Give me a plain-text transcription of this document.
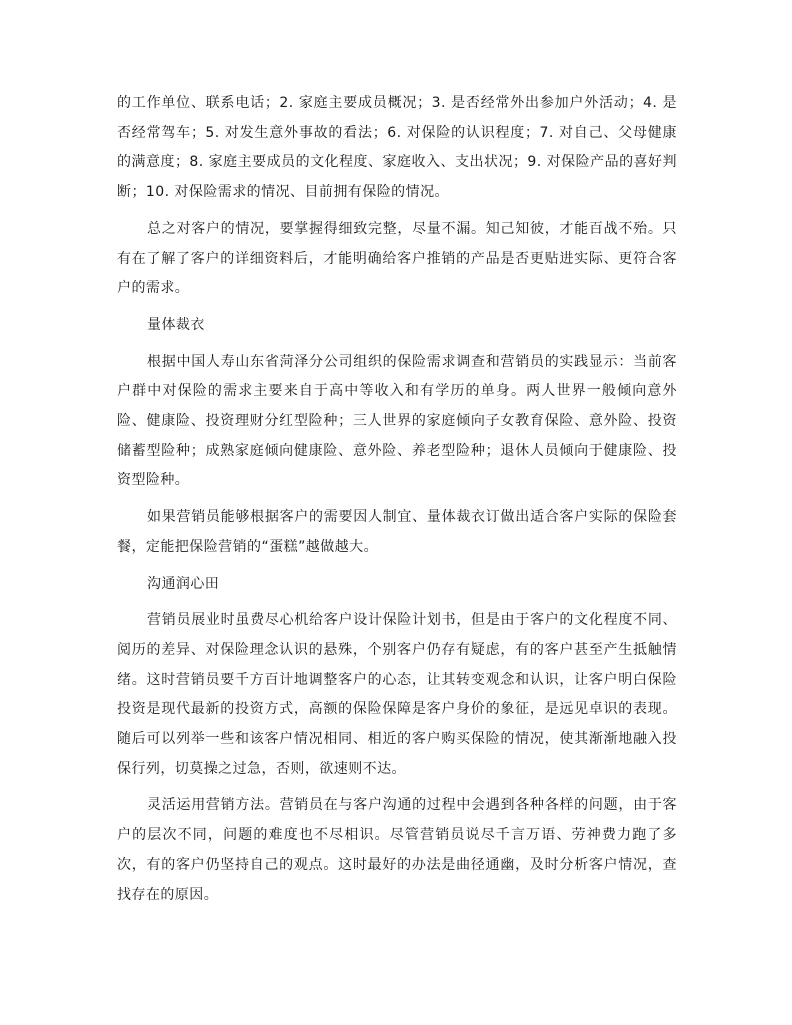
的工作单位、联系电话；2. 家庭主要成员概况；3. 是否经常外出参加户外活动；4. 是否经常驾车；5. 对发生意外事故的看法；6. 对保险的认识程度；7. 对自己、父母健康的满意度；8. 家庭主要成员的文化程度、家庭收入、支出状况；9. 对保险产品的喜好判断；10. 对保险需求的情况、目前拥有保险的情况。

总之对客户的情况，要掌握得细致完整，尽量不漏。知己知彼，才能百战不殆。只有在了解了客户的详细资料后，才能明确给客户推销的产品是否更贴进实际、更符合客户的需求。

量体裁衣

根据中国人寿山东省菏泽分公司组织的保险需求调查和营销员的实践显示：当前客户群中对保险的需求主要来自于高中等收入和有学历的单身。两人世界一般倾向意外险、健康险、投资理财分红型险种；三人世界的家庭倾向子女教育保险、意外险、投资储蓄型险种；成熟家庭倾向健康险、意外险、养老型险种；退休人员倾向于健康险、投资型险种。

如果营销员能够根据客户的需要因人制宜、量体裁衣订做出适合客户实际的保险套餐，定能把保险营销的“蛋糕”越做越大。

沟通润心田

营销员展业时虽费尽心机给客户设计保险计划书，但是由于客户的文化程度不同、阅历的差异、对保险理念认识的悬殊，个别客户仍存有疑虑，有的客户甚至产生抵触情绪。这时营销员要千方百计地调整客户的心态，让其转变观念和认识，让客户明白保险投资是现代最新的投资方式，高额的保险保障是客户身价的象征，是远见卓识的表现。随后可以列举一些和该客户情况相同、相近的客户购买保险的情况，使其渐渐地融入投保行列，切莫操之过急，否则，欲速则不达。

灵活运用营销方法。营销员在与客户沟通的过程中会遇到各种各样的问题，由于客户的层次不同，问题的难度也不尽相识。尽管营销员说尽千言万语、劳神费力跑了多次，有的客户仍坚持自己的观点。这时最好的办法是曲径通幽，及时分析客户情况，查找存在的原因。
